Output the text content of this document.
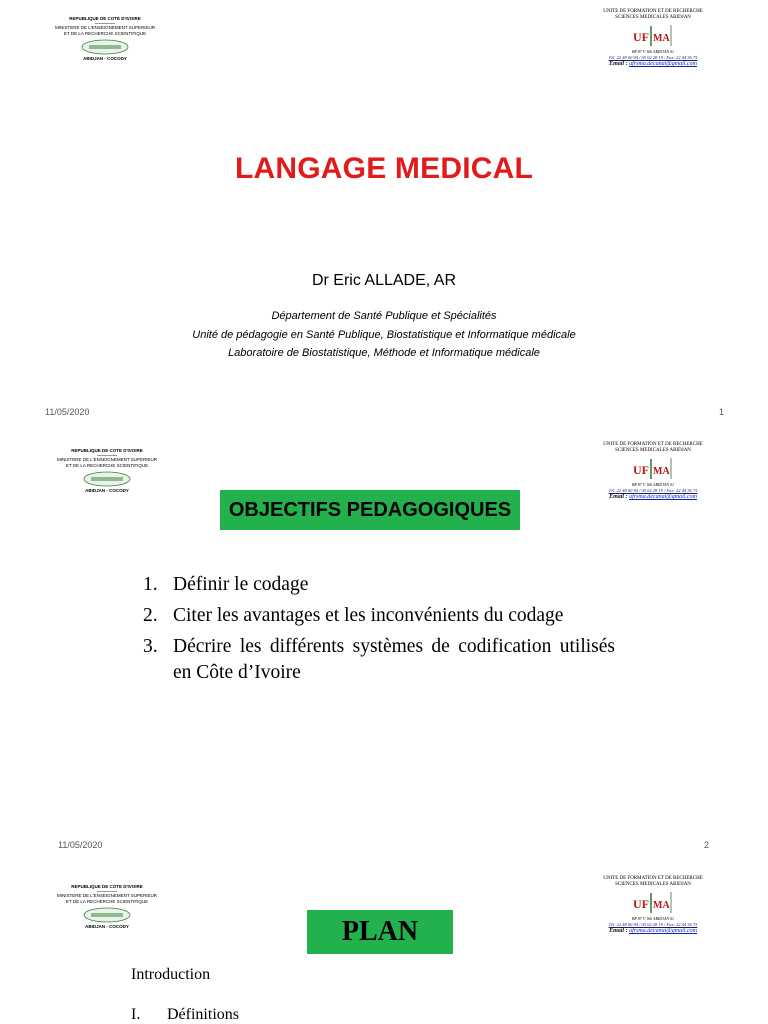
REPUBLIQUE DE COTE D'IVOIRE
MINISTERE DE L'ENSEIGNEMENT SUPERIEUR
ET DE LA RECHERCHE SCIENTIFIQUE
ABIDJAN - COCODY
UNITE DE FORMATION ET DE RECHERCHE
SCIENCES MEDICALES ABIDJAN
UF MA
BP 87 V 166 ABIDJAN 01
Tél. 22 48 00 94 / 05 02 28 19 / Fax: 22 44 36 75
Email : ufrsma.decanat@gmail.com
LANGAGE MEDICAL
Dr Eric ALLADE, AR
Département de Santé Publique et Spécialités
Unité de pédagogie en Santé Publique, Biostatistique et Informatique médicale
Laboratoire de Biostatistique, Méthode et Informatique médicale
11/05/2020	1
REPUBLIQUE DE COTE D'IVOIRE
MINISTERE DE L'ENSEIGNEMENT SUPERIEUR
ET DE LA RECHERCHE SCIENTIFIQUE
ABIDJAN - COCODY
UNITE DE FORMATION ET DE RECHERCHE
SCIENCES MEDICALES ABIDJAN
UF MA
BP 87 V 166 ABIDJAN 01
Tél. 22 48 00 94 / 05 02 28 19 / Fax: 22 44 36 75
Email : ufrsma.decanat@gmail.com
OBJECTIFS PEDAGOGIQUES
1. Définir le codage
2. Citer les avantages et les inconvénients du codage
3. Décrire les différents systèmes de codification utilisés en Côte d’Ivoire
11/05/2020	2
REPUBLIQUE DE COTE D'IVOIRE
MINISTERE DE L'ENSEIGNEMENT SUPERIEUR
ET DE LA RECHERCHE SCIENTIFIQUE
ABIDJAN - COCODY
UNITE DE FORMATION ET DE RECHERCHE
SCIENCES MEDICALES ABIDJAN
UF MA
BP 87 V 166 ABIDJAN 01
Tél. 22 48 00 94 / 05 02 28 19 / Fax: 22 44 36 75
Email : ufrsma.decanat@gmail.com
PLAN
Introduction
I. Définitions
